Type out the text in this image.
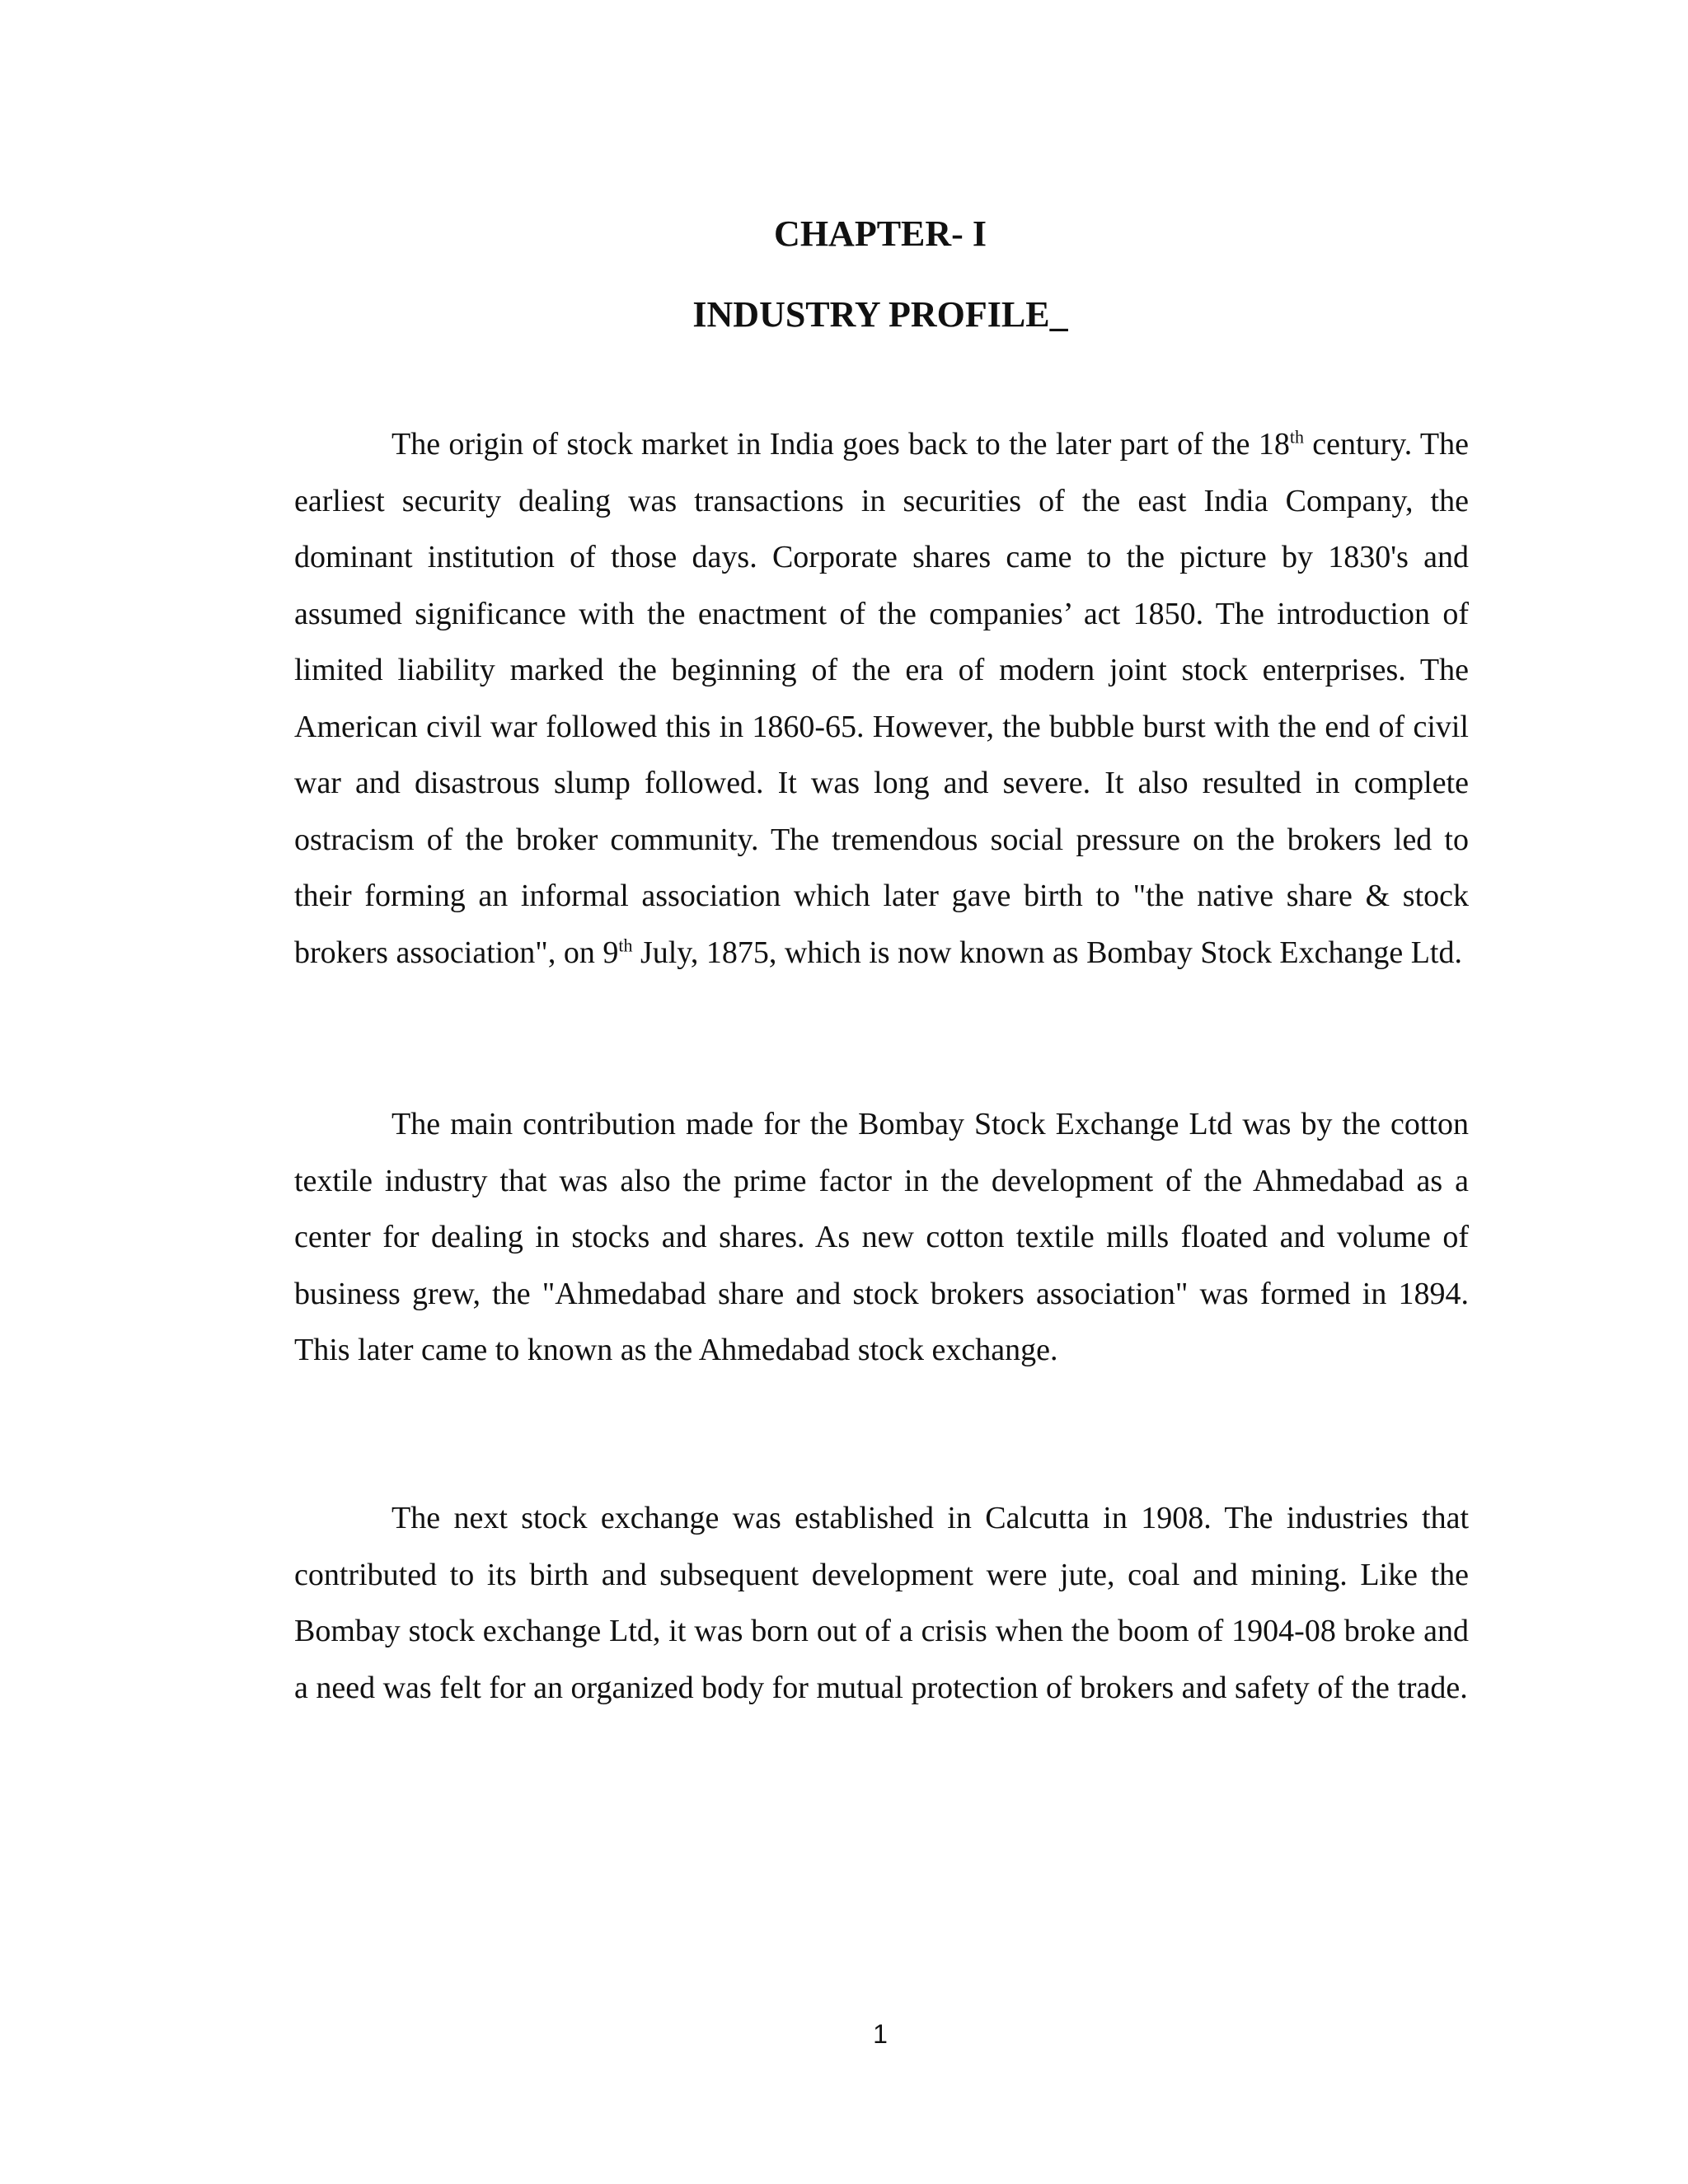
CHAPTER- I
INDUSTRY PROFILE_

The origin of stock market in India goes back to the later part of the 18th century. The earliest security dealing was transactions in securities of the east India Company, the dominant institution of those days. Corporate shares came to the picture by 1830's and assumed significance with the enactment of the companies’ act 1850. The introduction of limited liability marked the beginning of the era of modern joint stock enterprises. The American civil war followed this in 1860-65. However, the bubble burst with the end of civil war and disastrous slump followed. It was long and severe. It also resulted in complete ostracism of the broker community. The tremendous social pressure on the brokers led to their forming an informal association which later gave birth to "the native share & stock brokers association", on 9th July, 1875, which is now known as Bombay Stock Exchange Ltd.

The main contribution made for the Bombay Stock Exchange Ltd was by the cotton textile industry that was also the prime factor in the development of the Ahmedabad as a center for dealing in stocks and shares. As new cotton textile mills floated and volume of business grew, the "Ahmedabad share and stock brokers association" was formed in 1894. This later came to known as the Ahmedabad stock exchange.

The next stock exchange was established in Calcutta in 1908. The industries that contributed to its birth and subsequent development were jute, coal and mining. Like the Bombay stock exchange Ltd, it was born out of a crisis when the boom of 1904-08 broke and a need was felt for an organized body for mutual protection of brokers and safety of the trade.

1
